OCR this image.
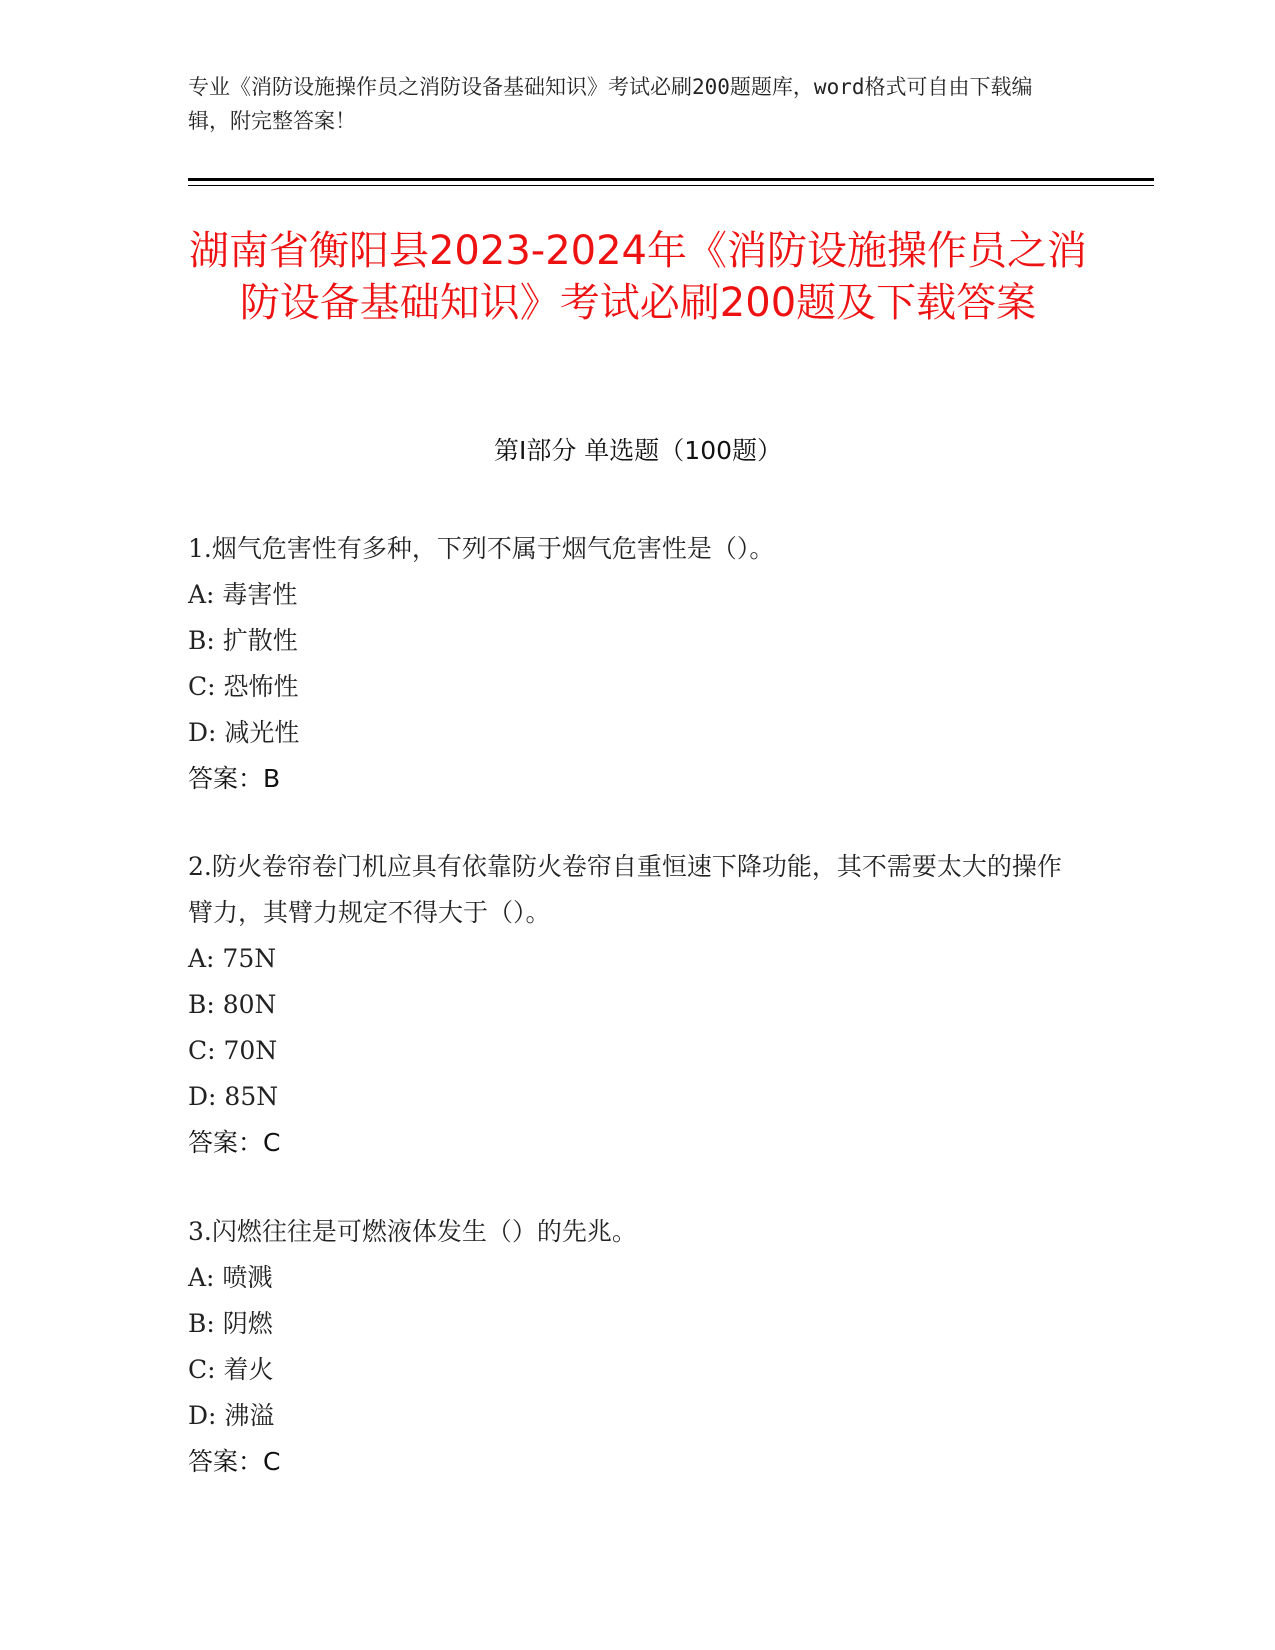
专业《消防设施操作员之消防设备基础知识》考试必刷200题题库，word格式可自由下载编辑，附完整答案！
湖南省衡阳县2023-2024年《消防设施操作员之消防设备基础知识》考试必刷200题及下载答案
第I部分 单选题（100题）

1.烟气危害性有多种，下列不属于烟气危害性是（）。

A: 毒害性

B: 扩散性

C: 恐怖性

D: 减光性

答案：B

2.防火卷帘卷门机应具有依靠防火卷帘自重恒速下降功能，其不需要太大的操作臂力，其臂力规定不得大于（）。

A: 75N

B: 80N

C: 70N

D: 85N

答案：C

3.闪燃往往是可燃液体发生（）的先兆。

A: 喷溅

B: 阴燃

C: 着火

D: 沸溢

答案：C
